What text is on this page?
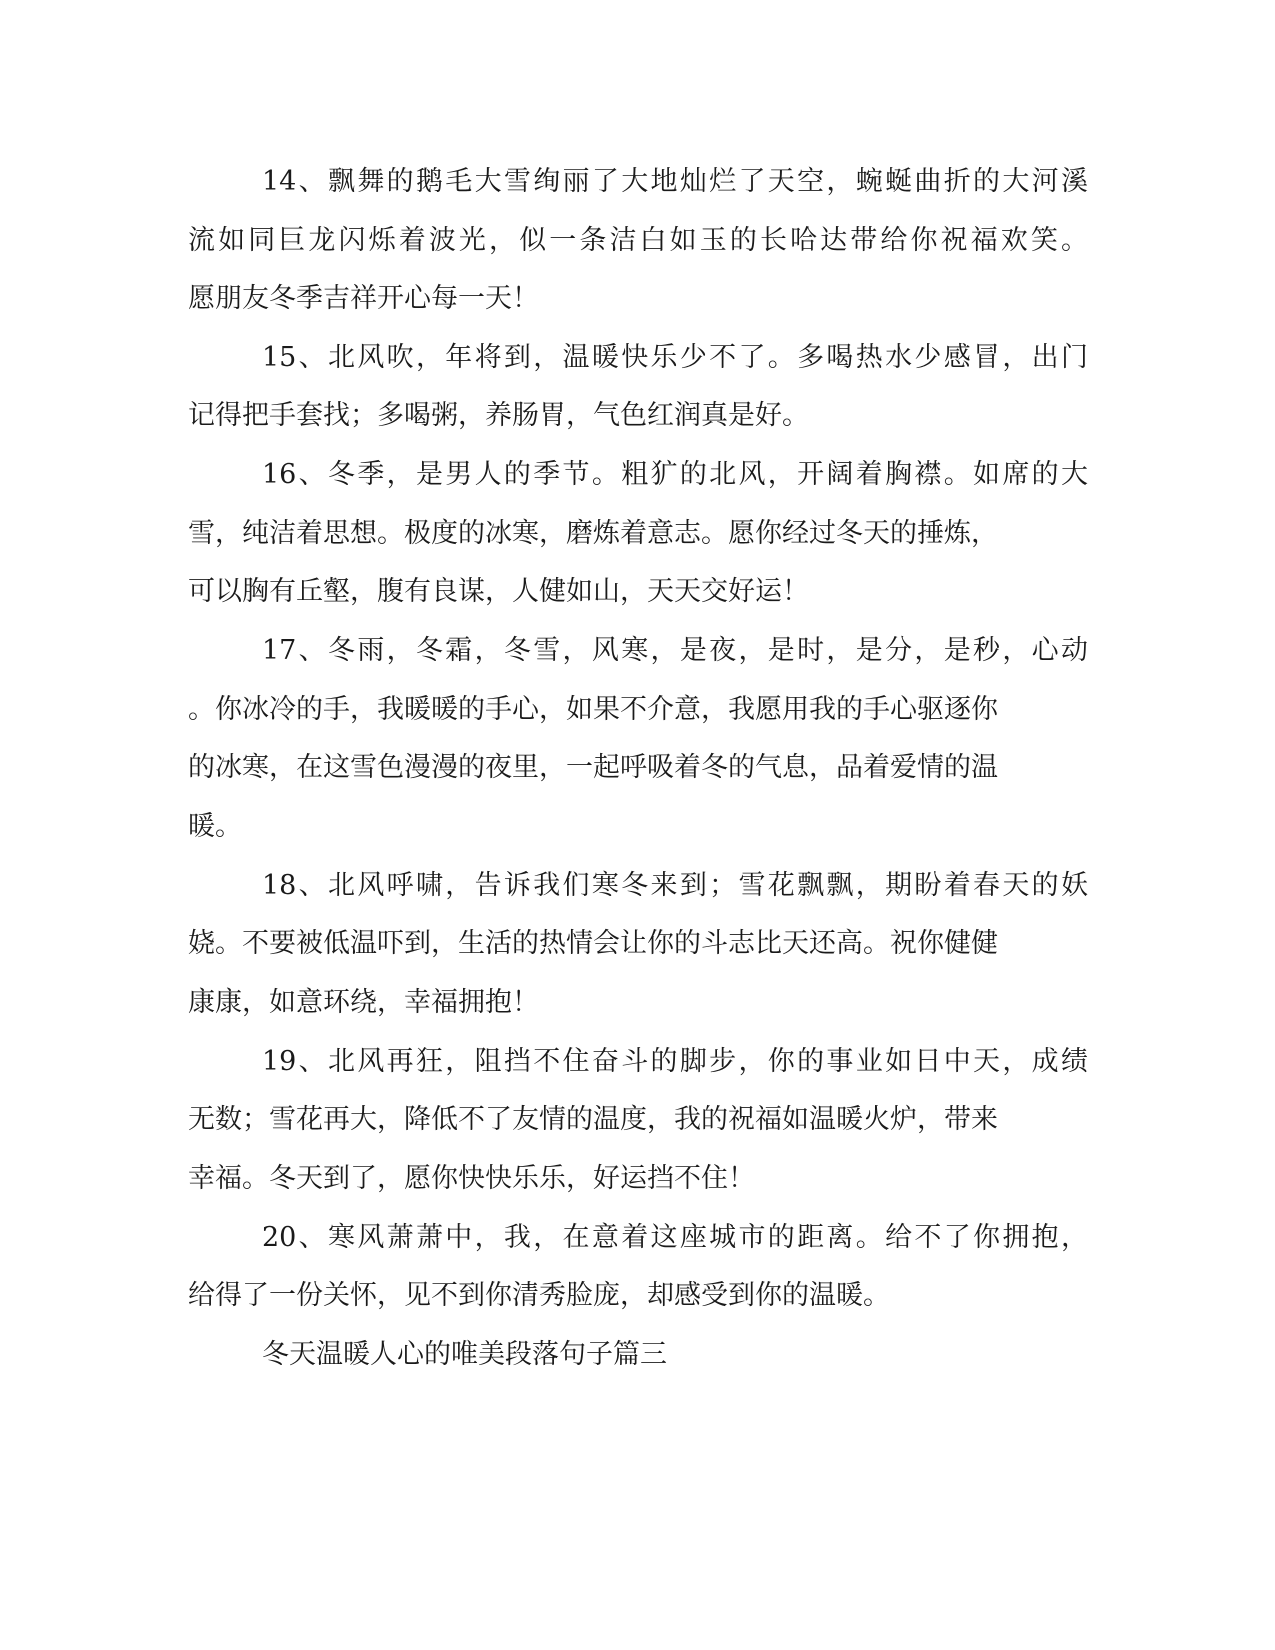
14、飘舞的鹅毛大雪绚丽了大地灿烂了天空，蜿蜒曲折的大河溪
流如同巨龙闪烁着波光，似一条洁白如玉的长哈达带给你祝福欢笑。
愿朋友冬季吉祥开心每一天！
15、北风吹，年将到，温暖快乐少不了。多喝热水少感冒，出门
记得把手套找；多喝粥，养肠胃，气色红润真是好。
16、冬季，是男人的季节。粗犷的北风，开阔着胸襟。如席的大
雪，纯洁着思想。极度的冰寒，磨炼着意志。愿你经过冬天的捶炼，
可以胸有丘壑，腹有良谋，人健如山，天天交好运！
17、冬雨，冬霜，冬雪，风寒，是夜，是时，是分，是秒，心动
。你冰冷的手，我暖暖的手心，如果不介意，我愿用我的手心驱逐你
的冰寒，在这雪色漫漫的夜里，一起呼吸着冬的气息，品着爱情的温
暖。
18、北风呼啸，告诉我们寒冬来到；雪花飘飘，期盼着春天的妖
娆。不要被低温吓到，生活的热情会让你的斗志比天还高。祝你健健
康康，如意环绕，幸福拥抱！
19、北风再狂，阻挡不住奋斗的脚步，你的事业如日中天，成绩
无数；雪花再大，降低不了友情的温度，我的祝福如温暖火炉，带来
幸福。冬天到了，愿你快快乐乐，好运挡不住！
20、寒风萧萧中，我，在意着这座城市的距离。给不了你拥抱，
给得了一份关怀，见不到你清秀脸庞，却感受到你的温暖。
冬天温暖人心的唯美段落句子篇三
